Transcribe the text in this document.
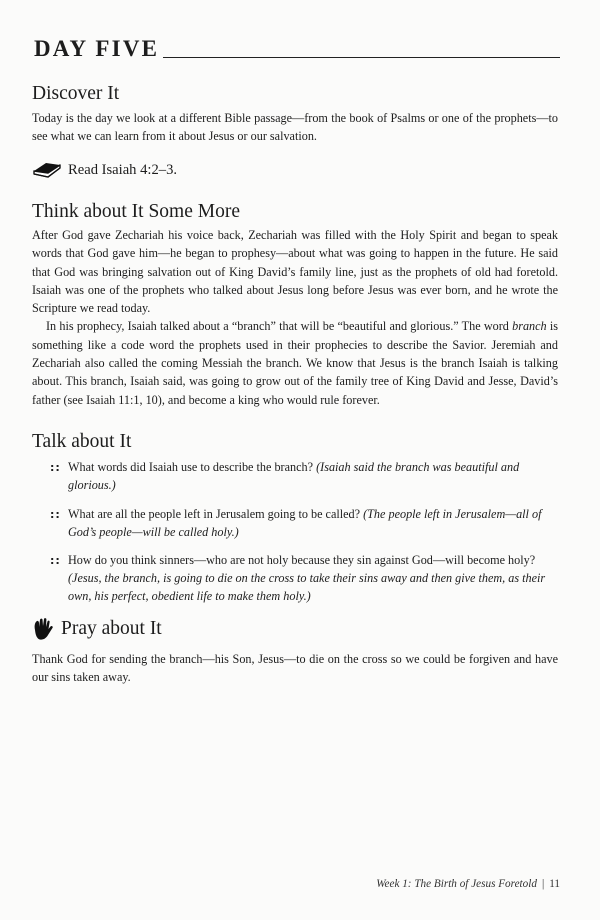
DAY FIVE
Discover It

Today is the day we look at a different Bible passage—from the book of Psalms or one of the prophets—to see what we can learn from it about Jesus or our salvation.

Read Isaiah 4:2–3.
Think about It Some More

After God gave Zechariah his voice back, Zechariah was filled with the Holy Spirit and began to speak words that God gave him—he began to prophesy—about what was going to happen in the future. He said that God was bringing salvation out of King David’s family line, just as the prophets of old had foretold. Isaiah was one of the prophets who talked about Jesus long before Jesus was ever born, and he wrote the Scripture we read today.

In his prophecy, Isaiah talked about a “branch” that will be “beautiful and glorious.” The word branch is something like a code word the prophets used in their prophecies to describe the Savior. Jeremiah and Zechariah also called the coming Messiah the branch. We know that Jesus is the branch Isaiah is talking about. This branch, Isaiah said, was going to grow out of the family tree of King David and Jesse, David’s father (see Isaiah 11:1, 10), and become a king who would rule forever.

Talk about It
:: What words did Isaiah use to describe the branch? (Isaiah said the branch was beautiful and glorious.)
:: What are all the people left in Jerusalem going to be called? (The people left in Jerusalem—all of God’s people—will be called holy.)
:: How do you think sinners—who are not holy because they sin against God—will become holy? (Jesus, the branch, is going to die on the cross to take their sins away and then give them, as their own, his perfect, obedient life to make them holy.)
Pray about It

Thank God for sending the branch—his Son, Jesus—to die on the cross so we could be forgiven and have our sins taken away.

Week 1: The Birth of Jesus Foretold | 11
